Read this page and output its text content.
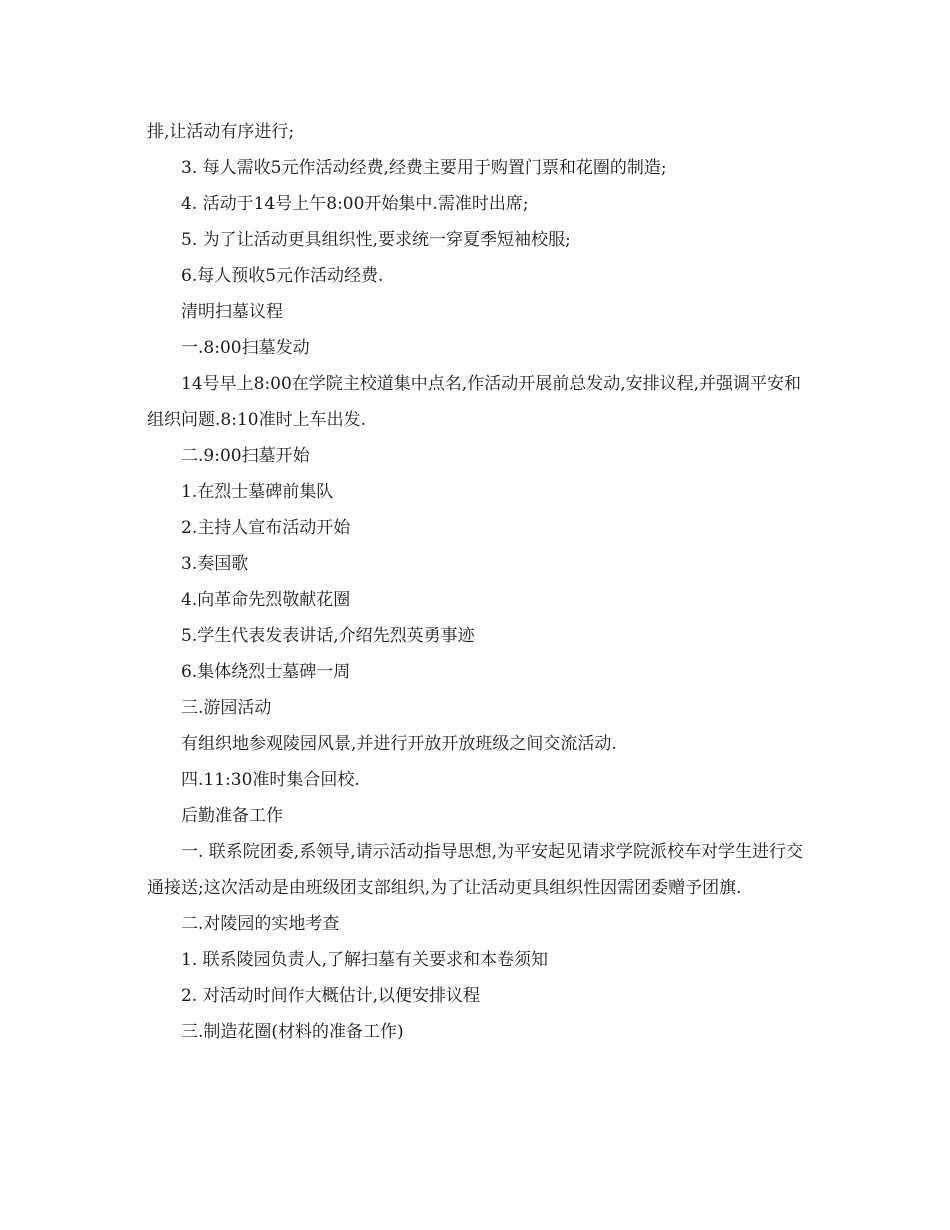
排,让活动有序进行;

3. 每人需收5元作活动经费,经费主要用于购置门票和花圈的制造;

4. 活动于14号上午8:00开始集中.需准时出席;

5. 为了让活动更具组织性,要求统一穿夏季短袖校服;

6.每人预收5元作活动经费.

清明扫墓议程

一.8:00扫墓发动

14号早上8:00在学院主校道集中点名,作活动开展前总发动,安排议程,并强调平安和组织问题.8:10准时上车出发.

二.9:00扫墓开始

1.在烈士墓碑前集队

2.主持人宣布活动开始

3.奏国歌

4.向革命先烈敬献花圈

5.学生代表发表讲话,介绍先烈英勇事迹

6.集体绕烈士墓碑一周

三.游园活动

有组织地参观陵园风景,并进行开放开放班级之间交流活动.

四.11:30准时集合回校.

后勤准备工作

一. 联系院团委,系领导,请示活动指导思想,为平安起见请求学院派校车对学生进行交通接送;这次活动是由班级团支部组织,为了让活动更具组织性因需团委赠予团旗.

二.对陵园的实地考查

1. 联系陵园负责人,了解扫墓有关要求和本卷须知

2. 对活动时间作大概估计,以便安排议程

三.制造花圈(材料的准备工作)
